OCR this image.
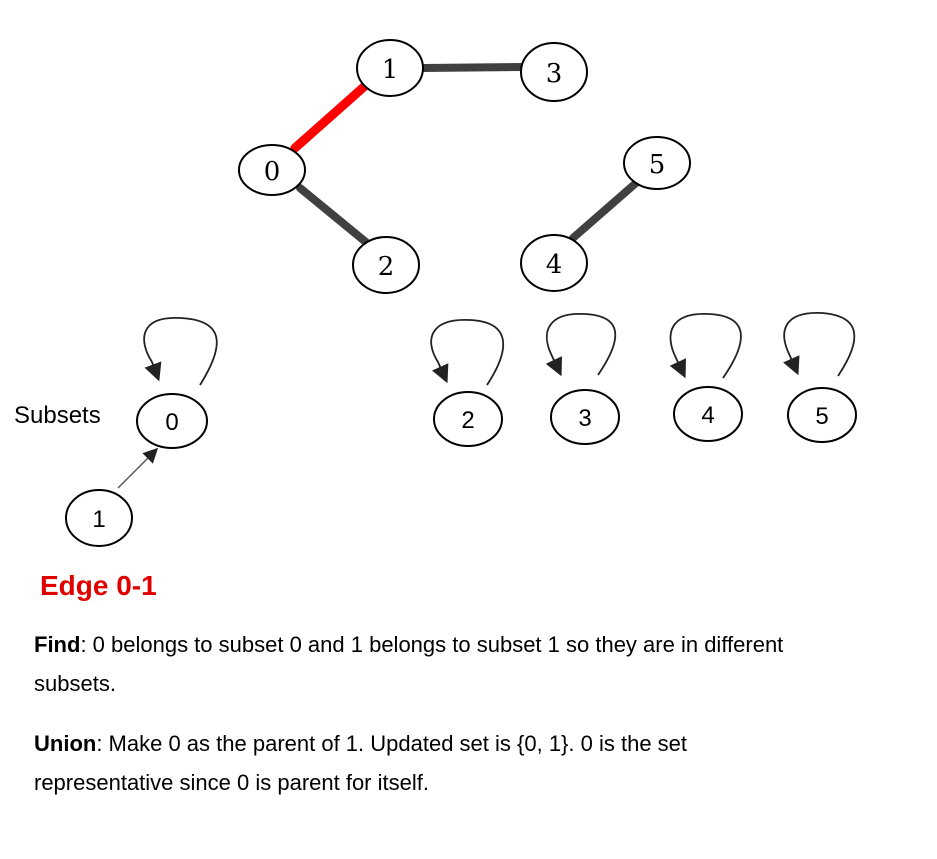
0
1
2
3
4
5
0
1
2	3	4	5
Subsets
Edge 0-1
Find: 0 belongs to subset 0 and 1 belongs to subset 1 so they are in different
subsets.
Union: Make 0 as the parent of 1. Updated set is {0, 1}. 0 is the set
representative since 0 is parent for itself.
